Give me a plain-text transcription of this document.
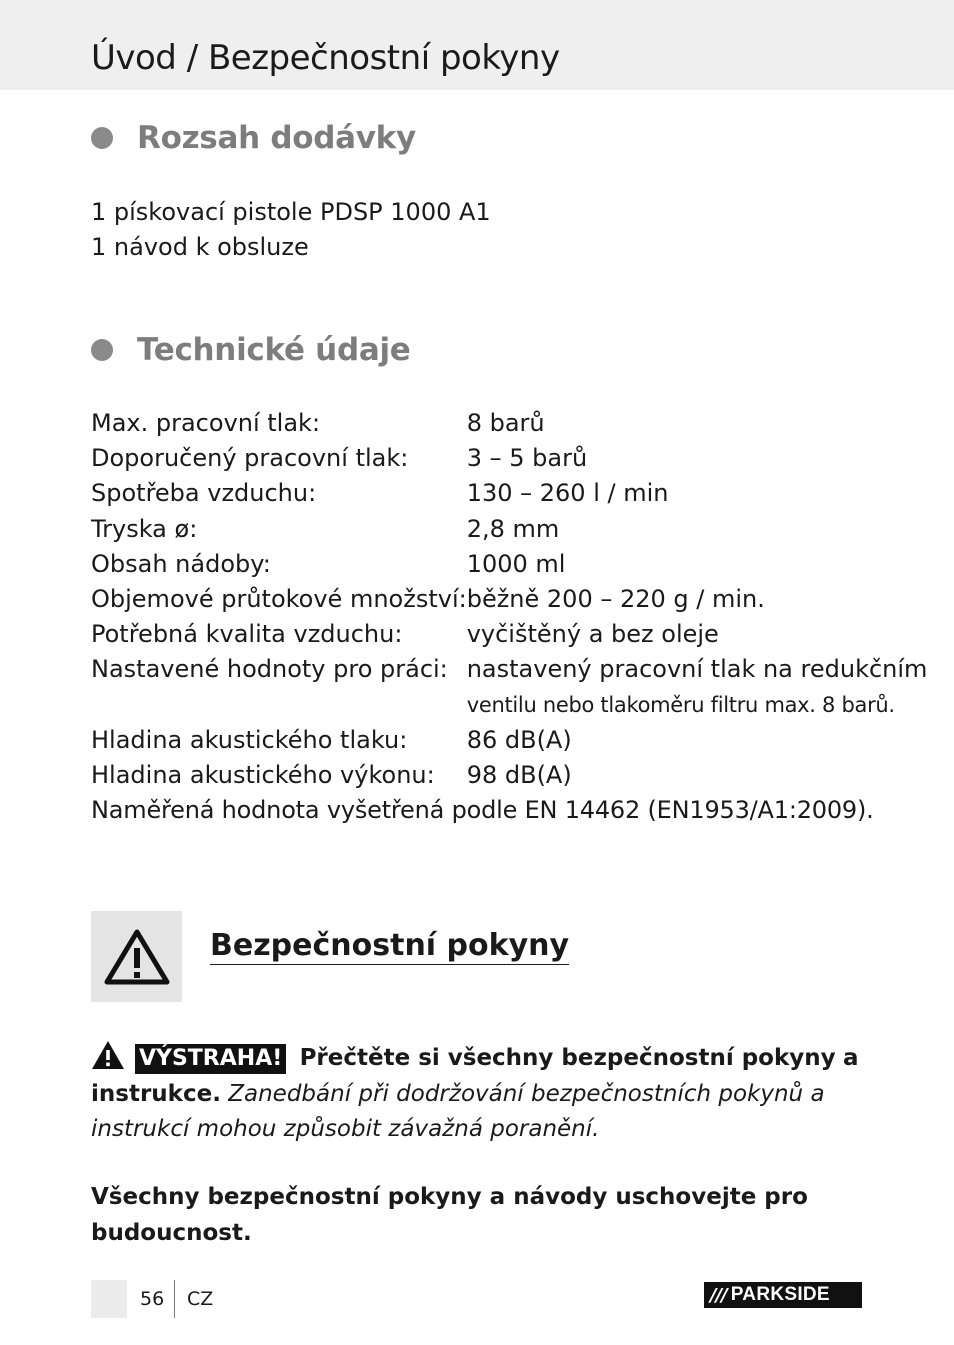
Úvod / Bezpečnostní pokyny
Rozsah dodávky

1 pískovací pistole PDSP 1000 A1

1 návod k obsluze

Technické údaje
Max. pracovní tlak:	8 barů
Doporučený pracovní tlak:	3 – 5 barů
Spotřeba vzduchu:	130 – 260 l / min
Tryska ø:	2,8 mm
Obsah nádoby:	1000 ml
Objemové průtokové množství:	běžně 200 – 220 g / min.
Potřebná kvalita vzduchu:	vyčištěný a bez oleje
Nastavené hodnoty pro práci:	nastavený pracovní tlak na redukčním
	ventilu nebo tlakoměru filtru max. 8 barů.
Hladina akustického tlaku:	86 dB(A)
Hladina akustického výkonu:	98 dB(A)

Naměřená hodnota vyšetřená podle EN 14462 (EN1953/A1:2009).

Bezpečnostní pokyny

VÝSTRAHA! Přečtěte si všechny bezpečnostní pokyny a instrukce. Zanedbání při dodržování bezpečnostních pokynů a instrukcí mohou způsobit závažná poranění.

Všechny bezpečnostní pokyny a návody uschovejte pro budoucnost.

56 CZ	/// PARKSIDE
